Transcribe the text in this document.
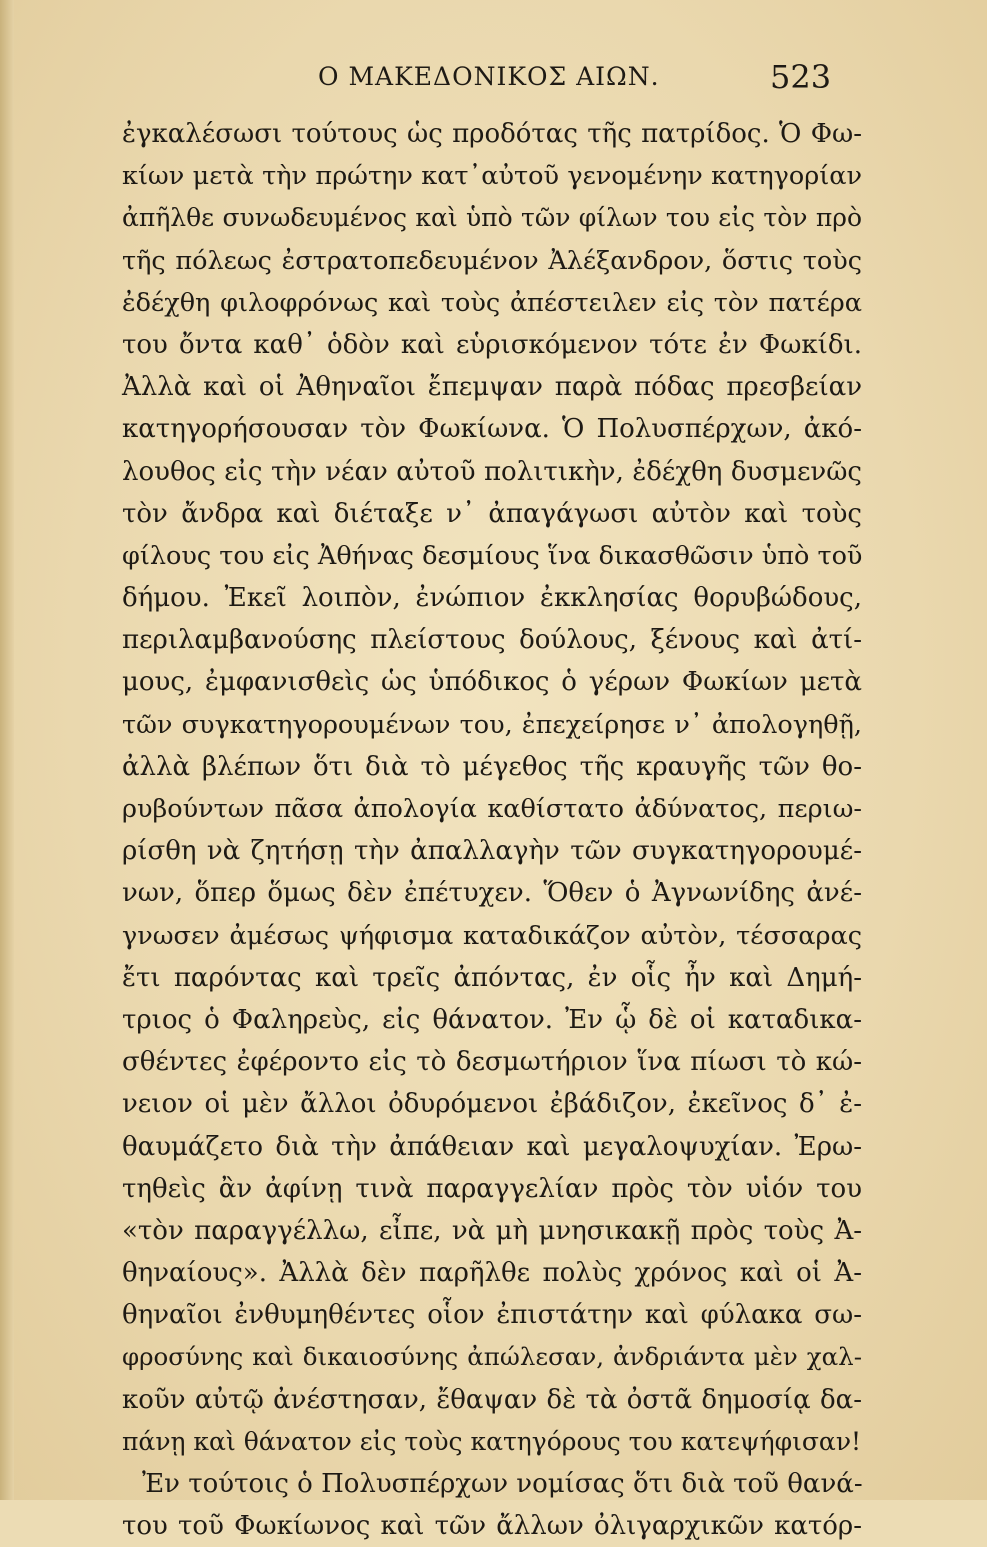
Ο ΜΑΚΕΔΟΝΙΚΟΣ ΑΙΩΝ.	523
ἐγκαλέσωσι τούτους ὡς προδότας τῆς πατρίδος. Ὁ Φω-
κίων μετὰ τὴν πρώτην κατ᾽αὐτοῦ γενομένην κατηγορίαν
ἀπῆλθε συνωδευμένος καὶ ὑπὸ τῶν φίλων του εἰς τὸν πρὸ
τῆς πόλεως ἐστρατοπεδευμένον Ἀλέξανδρον, ὅστις τοὺς
ἐδέχθη φιλοφρόνως καὶ τοὺς ἀπέστειλεν εἰς τὸν πατέρα
του ὄντα καθ᾽ ὁδὸν καὶ εὑρισκόμενον τότε ἐν Φωκίδι.
Ἀλλὰ καὶ οἱ Ἀθηναῖοι ἔπεμψαν παρὰ πόδας πρεσβείαν
κατηγορήσουσαν τὸν Φωκίωνα. Ὁ Πολυσπέρχων, ἀκό-
λουθος εἰς τὴν νέαν αὐτοῦ πολιτικὴν, ἐδέχθη δυσμενῶς
τὸν ἄνδρα καὶ διέταξε ν᾽ ἀπαγάγωσι αὐτὸν καὶ τοὺς
φίλους του εἰς Ἀθήνας δεσμίους ἵνα δικασθῶσιν ὑπὸ τοῦ
δήμου. Ἐκεῖ λοιπὸν, ἐνώπιον ἐκκλησίας θορυβώδους,
περιλαμβανούσης πλείστους δούλους, ξένους καὶ ἀτί-
μους, ἐμφανισθεὶς ὡς ὑπόδικος ὁ γέρων Φωκίων μετὰ
τῶν συγκατηγορουμένων του, ἐπεχείρησε ν᾽ ἀπολογηθῇ,
ἀλλὰ βλέπων ὅτι διὰ τὸ μέγεθος τῆς κραυγῆς τῶν θο-
ρυβούντων πᾶσα ἀπολογία καθίστατο ἀδύνατος, περιω-
ρίσθη νὰ ζητήσῃ τὴν ἀπαλλαγὴν τῶν συγκατηγορουμέ-
νων, ὅπερ ὅμως δὲν ἐπέτυχεν. Ὅθεν ὁ Ἀγνωνίδης ἀνέ-
γνωσεν ἀμέσως ψήφισμα καταδικάζον αὐτὸν, τέσσαρας
ἔτι παρόντας καὶ τρεῖς ἀπόντας, ἐν οἷς ἦν καὶ Δημή-
τριος ὁ Φαληρεὺς, εἰς θάνατον. Ἐν ᾧ δὲ οἱ καταδικα-
σθέντες ἐφέροντο εἰς τὸ δεσμωτήριον ἵνα πίωσι τὸ κώ-
νειον οἱ μὲν ἄλλοι ὀδυρόμενοι ἐβάδιζον, ἐκεῖνος δ᾽ ἐ-
θαυμάζετο διὰ τὴν ἀπάθειαν καὶ μεγαλοψυχίαν. Ἐρω-
τηθεὶς ἂν ἀφίνῃ τινὰ παραγγελίαν πρὸς τὸν υἱόν του
«τὸν παραγγέλλω, εἶπε, νὰ μὴ μνησικακῇ πρὸς τοὺς Ἀ-
θηναίους». Ἀλλὰ δὲν παρῆλθε πολὺς χρόνος καὶ οἱ Ἀ-
θηναῖοι ἐνθυμηθέντες οἷον ἐπιστάτην καὶ φύλακα σω-
φροσύνης καὶ δικαιοσύνης ἀπώλεσαν, ἀνδριάντα μὲν χαλ-
κοῦν αὐτῷ ἀνέστησαν, ἔθαψαν δὲ τὰ ὀστᾶ δημοσίᾳ δα-
πάνῃ καὶ θάνατον εἰς τοὺς κατηγόρους του κατεψήφισαν!
Ἐν τούτοις ὁ Πολυσπέρχων νομίσας ὅτι διὰ τοῦ θανά-
του τοῦ Φωκίωνος καὶ τῶν ἄλλων ὀλιγαρχικῶν κατόρ-
